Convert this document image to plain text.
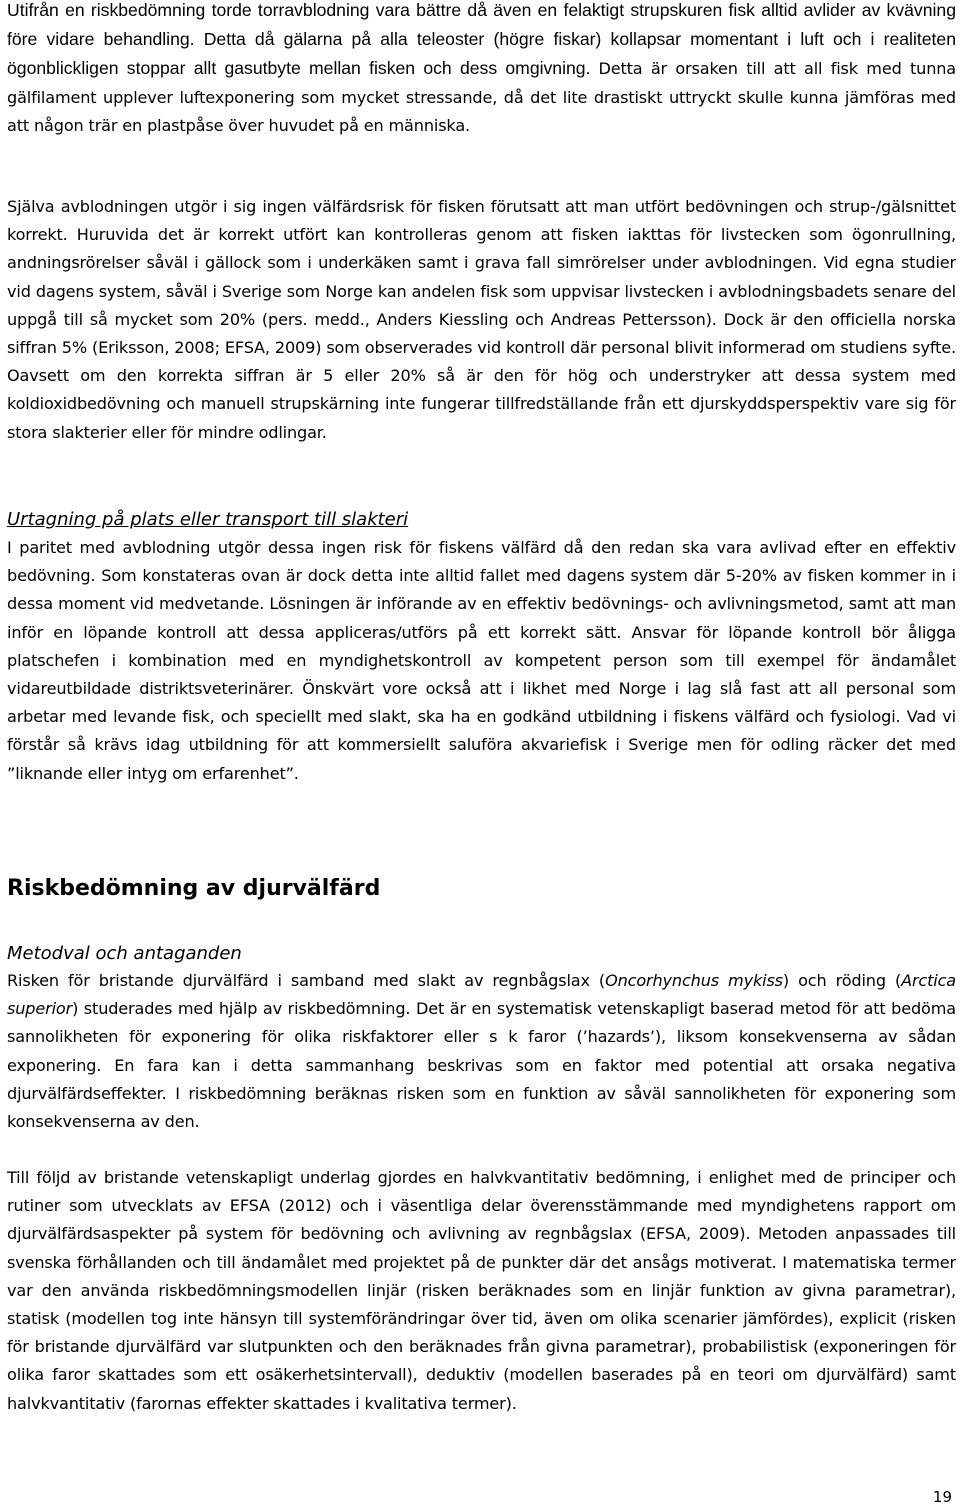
Utifrån en riskbedömning torde torravblodning vara bättre då även en felaktigt strupskuren fisk alltid avlider av kvävning före vidare behandling. Detta då gälarna på alla teleoster (högre fiskar) kollapsar momentant i luft och i realiteten ögonblickligen stoppar allt gasutbyte mellan fisken och dess omgivning. Detta är orsaken till att all fisk med tunna gälfilament upplever luftexponering som mycket stressande, då det lite drastiskt uttryckt skulle kunna jämföras med att någon trär en plastpåse över huvudet på en människa.

Själva avblodningen utgör i sig ingen välfärdsrisk för fisken förutsatt att man utfört bedövningen och strup-/gälsnittet korrekt. Huruvida det är korrekt utfört kan kontrolleras genom att fisken iakttas för livstecken som ögonrullning, andningsrörelser såväl i gällock som i underkäken samt i grava fall simrörelser under avblodningen. Vid egna studier vid dagens system, såväl i Sverige som Norge kan andelen fisk som uppvisar livstecken i avblodningsbadets senare del uppgå till så mycket som 20% (pers. medd., Anders Kiessling och Andreas Pettersson). Dock är den officiella norska siffran 5% (Eriksson, 2008; EFSA, 2009) som observerades vid kontroll där personal blivit informerad om studiens syfte. Oavsett om den korrekta siffran är 5 eller 20% så är den för hög och understryker att dessa system med koldioxidbedövning och manuell strupskärning inte fungerar tillfredställande från ett djurskyddsperspektiv vare sig för stora slakterier eller för mindre odlingar.

Urtagning på plats eller transport till slakteri

I paritet med avblodning utgör dessa ingen risk för fiskens välfärd då den redan ska vara avlivad efter en effektiv bedövning. Som konstateras ovan är dock detta inte alltid fallet med dagens system där 5-20% av fisken kommer in i dessa moment vid medvetande. Lösningen är införande av en effektiv bedövnings- och avlivningsmetod, samt att man inför en löpande kontroll att dessa appliceras/utförs på ett korrekt sätt. Ansvar för löpande kontroll bör åligga platschefen i kombination med en myndighetskontroll av kompetent person som till exempel för ändamålet vidareutbildade distriktsveterinärer. Önskvärt vore också att i likhet med Norge i lag slå fast att all personal som arbetar med levande fisk, och speciellt med slakt, ska ha en godkänd utbildning i fiskens välfärd och fysiologi. Vad vi förstår så krävs idag utbildning för att kommersiellt saluföra akvariefisk i Sverige men för odling räcker det med ”liknande eller intyg om erfarenhet”.

Riskbedömning av djurvälfärd

Metodval och antaganden

Risken för bristande djurvälfärd i samband med slakt av regnbågslax (Oncorhynchus mykiss) och röding (Arctica superior) studerades med hjälp av riskbedömning. Det är en systematisk vetenskapligt baserad metod för att bedöma sannolikheten för exponering för olika riskfaktorer eller s k faror (’hazards’), liksom konsekvenserna av sådan exponering. En fara kan i detta sammanhang beskrivas som en faktor med potential att orsaka negativa djurvälfärdseffekter. I riskbedömning beräknas risken som en funktion av såväl sannolikheten för exponering som konsekvenserna av den.

Till följd av bristande vetenskapligt underlag gjordes en halvkvantitativ bedömning, i enlighet med de principer och rutiner som utvecklats av EFSA (2012) och i väsentliga delar överensstämmande med myndighetens rapport om djurvälfärdsaspekter på system för bedövning och avlivning av regnbågslax (EFSA, 2009). Metoden anpassades till svenska förhållanden och till ändamålet med projektet på de punkter där det ansågs motiverat. I matematiska termer var den använda riskbedömningsmodellen linjär (risken beräknades som en linjär funktion av givna parametrar), statisk (modellen tog inte hänsyn till systemförändringar över tid, även om olika scenarier jämfördes), explicit (risken för bristande djurvälfärd var slutpunkten och den beräknades från givna parametrar), probabilistisk (exponeringen för olika faror skattades som ett osäkerhetsintervall), deduktiv (modellen baserades på en teori om djurvälfärd) samt halvkvantitativ (farornas effekter skattades i kvalitativa termer).

19
